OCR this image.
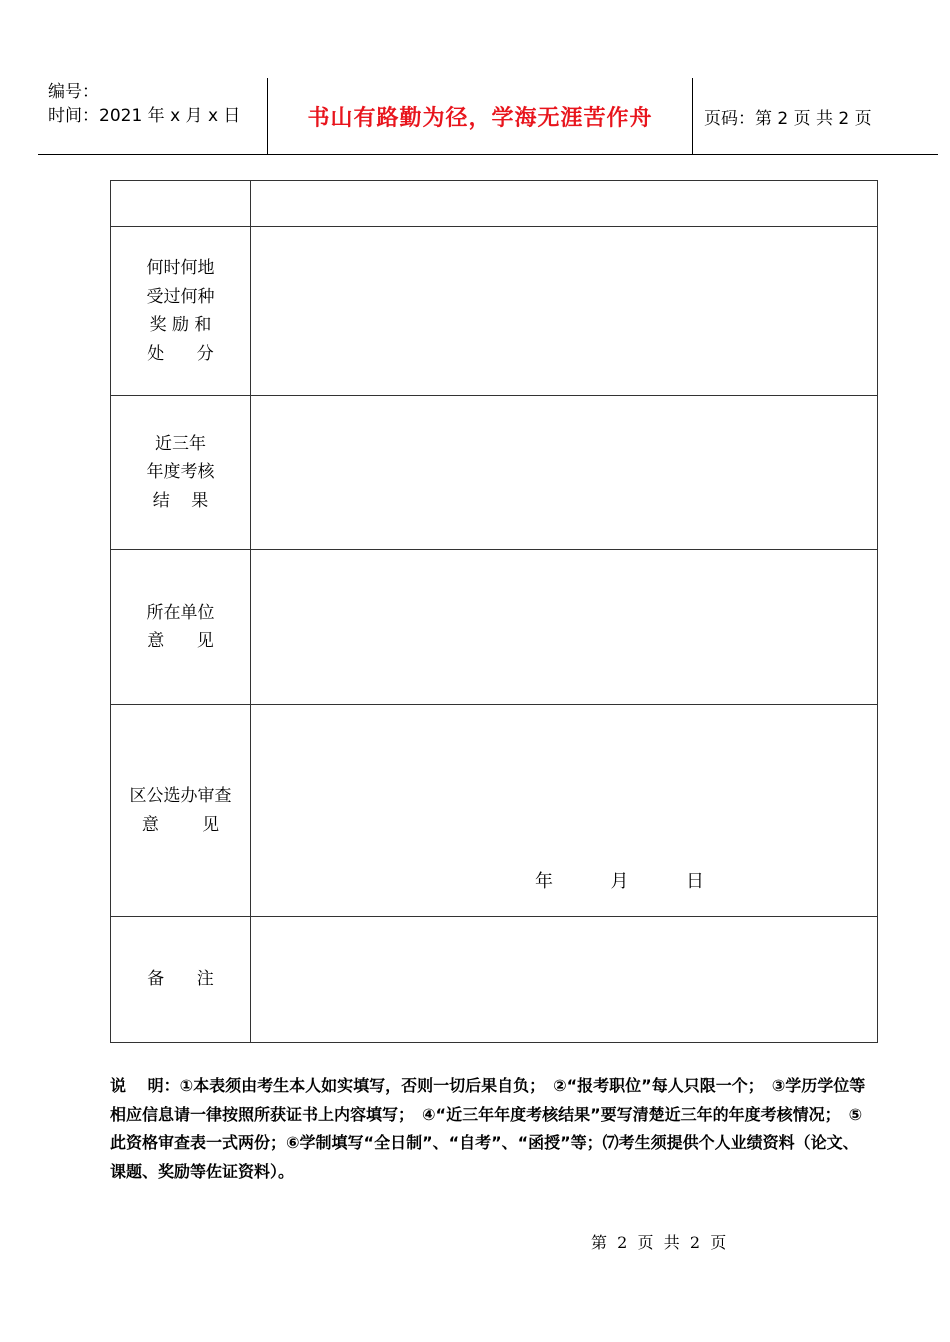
编号：
时间：2021 年 x 月 x 日	书山有路勤为径，学海无涯苦作舟	页码：第 2 页 共 2 页

何时何地
受过何种
奖 励 和
处      分	

近三年
年度考核
结    果	

所在单位
意      见	

区公选办审查
意        见	年 月 日

备      注	

说　 明：①本表须由考生本人如实填写，否则一切后果自负；　②“报考职位”每人只限一个；　③学历学位等相应信息请一律按照所获证书上内容填写；　④“近三年年度考核结果”要写清楚近三年的年度考核情况；　⑤此资格审查表一式两份；⑥学制填写“全日制”、“自考”、“函授”等；⑺考生须提供个人业绩资料（论文、课题、奖励等佐证资料）。
第  2  页  共  2  页
